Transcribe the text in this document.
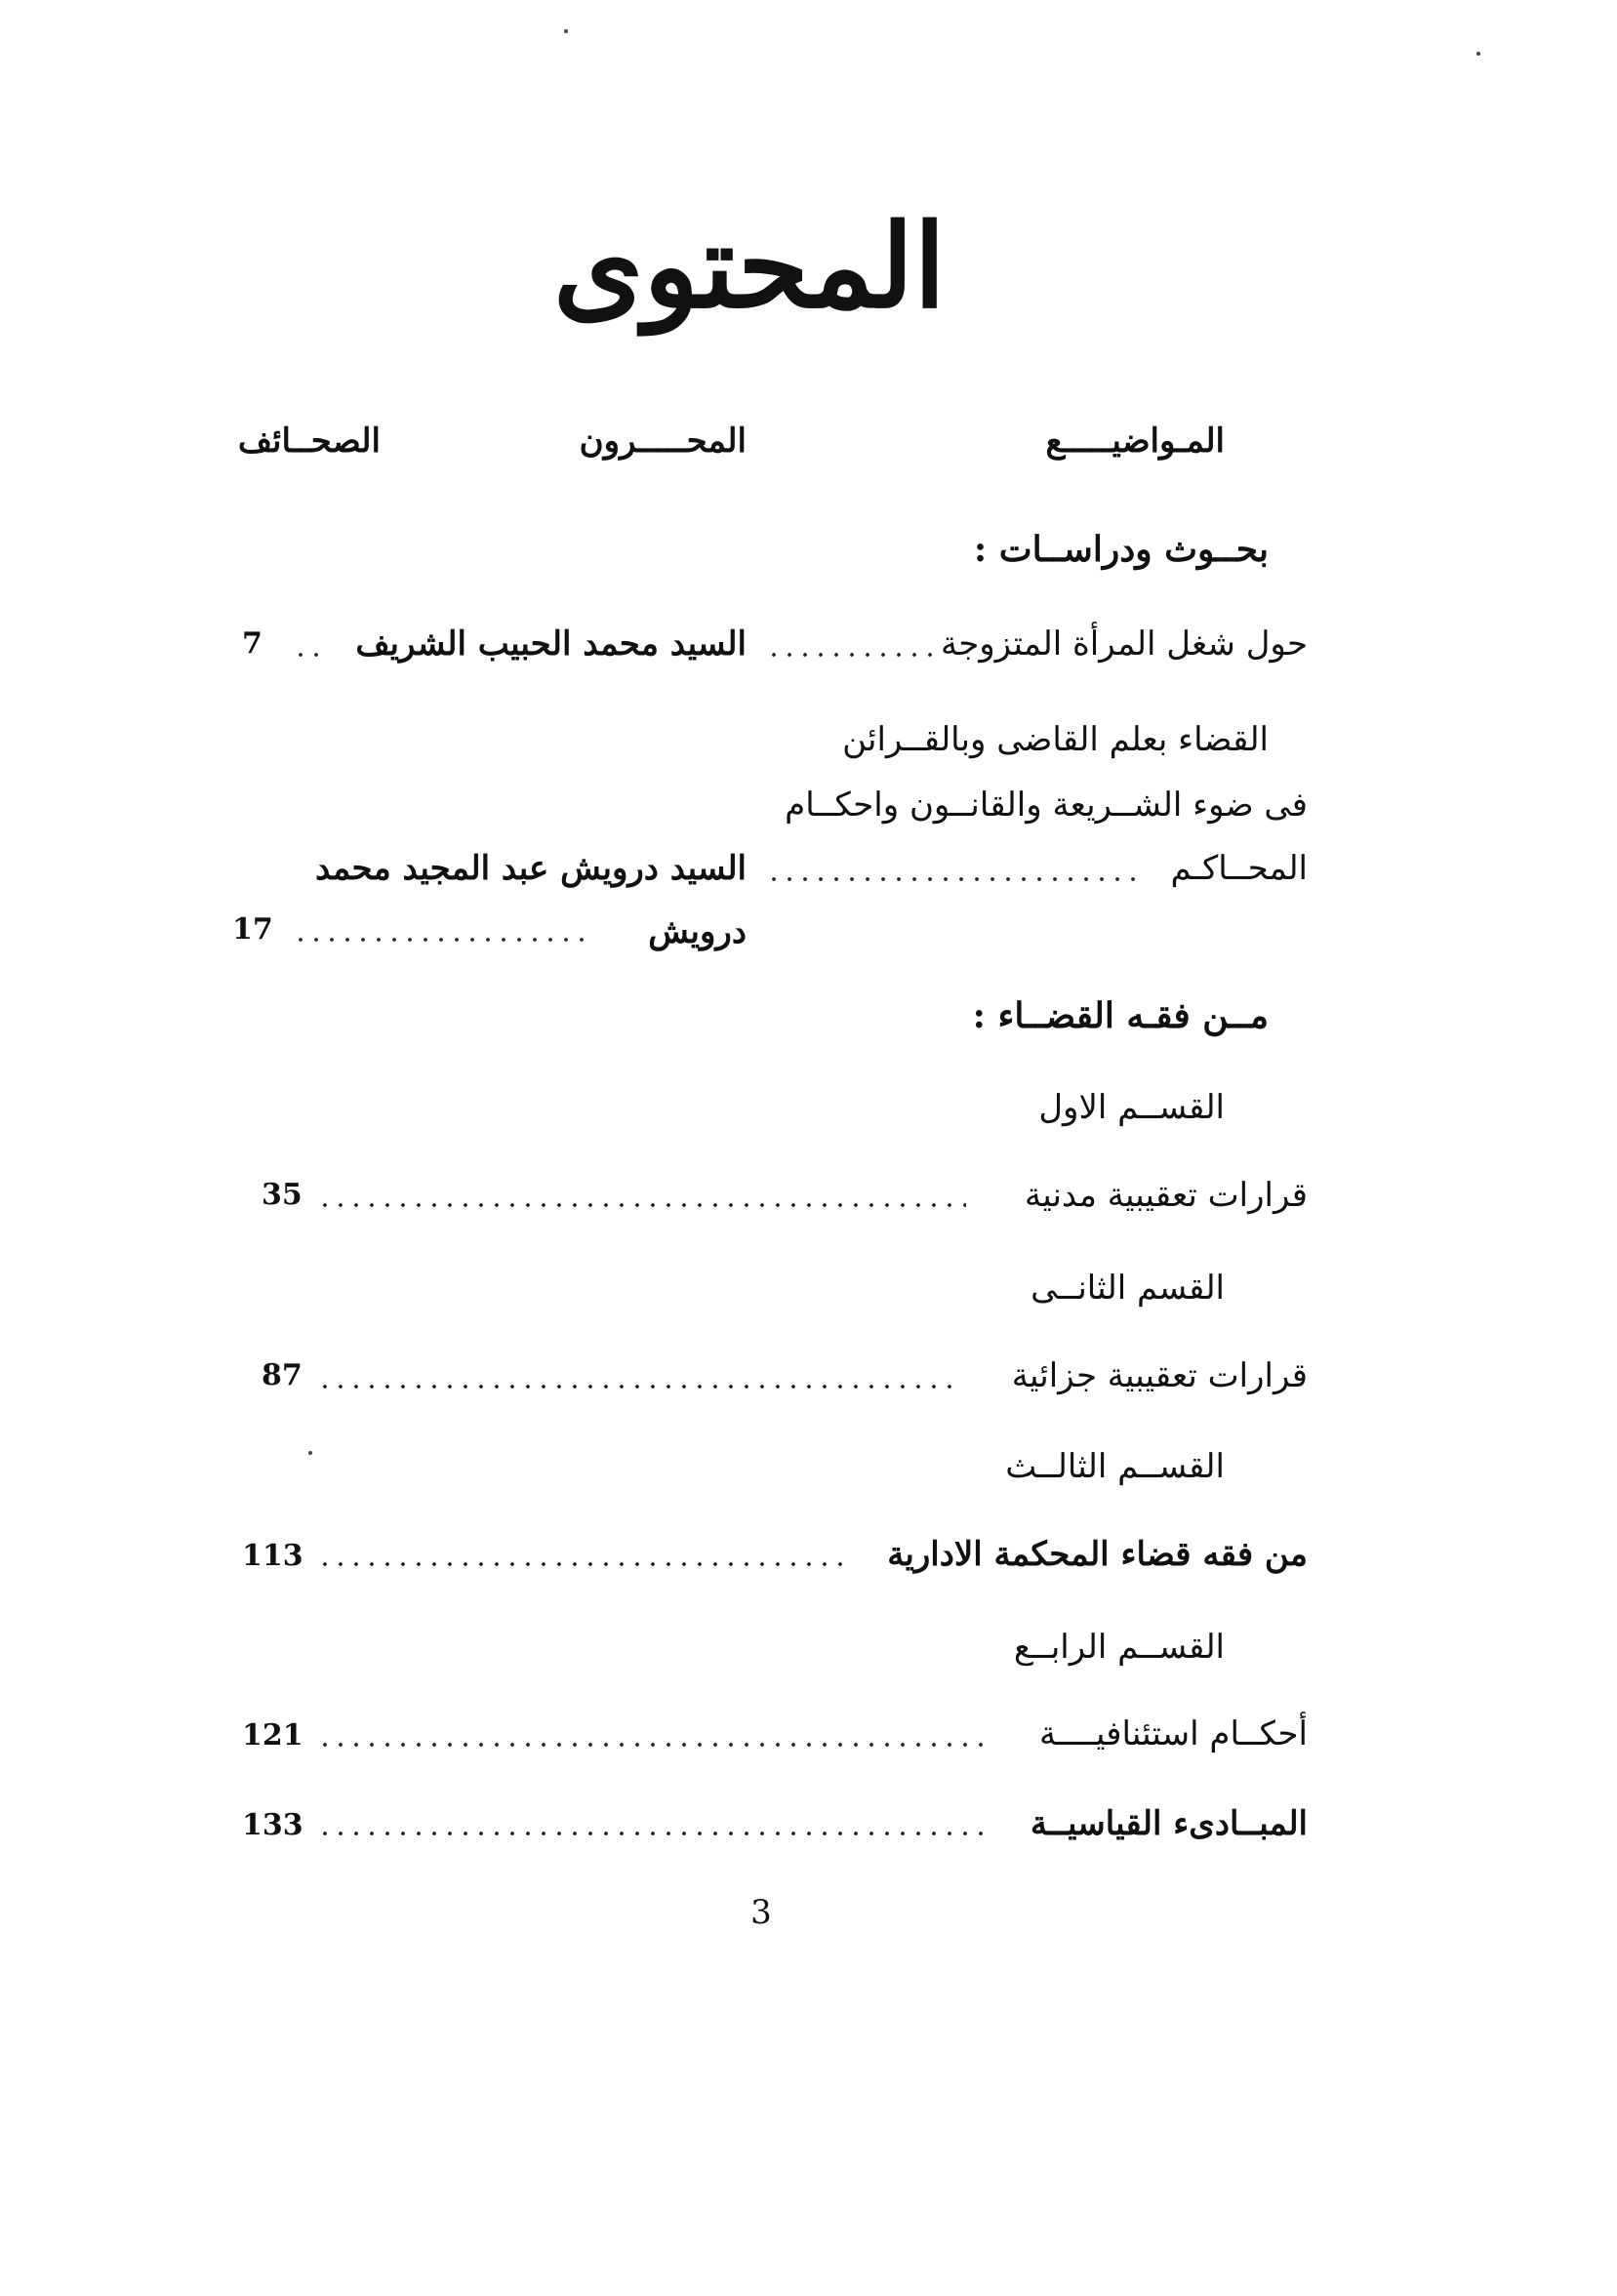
المحتوى
المـواضيـــــع
المحـــــرون
الصحــائف
بحــوث ودراســات :
حول شغل المرأة المتزوجة
السيد محمد الحبيب الشريف
7
القضاء بعلم القاضى وبالقــرائن
فى ضوء الشــريعة والقانــون واحكــام
المحــاكـم
السيد درويش عبد المجيد محمد
درويش
17
مــن فقـه القضــاء :
القســم الاول
قرارات تعقيبية مدنية
35
القسم الثانــى
قرارات تعقيبية جزائية
87
القســم الثالــث
من فقه قضاء المحكمة الادارية
113
القســم الرابــع
أحكــام استئنافيــــة
121
المبــادىء القياسيــة
133
3
